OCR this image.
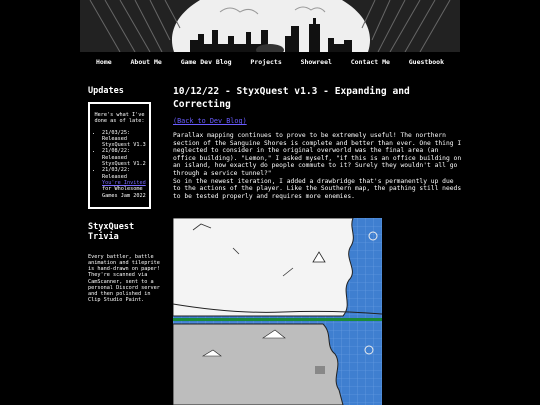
Home	About Me	Game Dev Blog	Projects	Showreel	Contact Me	Guestbook
Updates

Here's what I've done as of late:

• 21/03/25: Released StyxQuest V1.3
• 21/08/22: Released StyxQuest V1.2
• 21/03/22: Released You're Invited for Wholesome Games Jam 2022
StyxQuest Trivia

Every battler, battle animation and tileprite is hand-drawn on paper! They're scanned via CamScanner, sent to a personal Discord server and then polished in Clip Studio Paint.

10/12/22 - StyxQuest v1.3 - Expanding and Correcting
(Back to Dev Blog)

Parallax mapping continues to prove to be extremely useful! The northern section of the Sanguine Shores is complete and better than ever. One thing I neglected to consider in the original overworld was the final area (an office building). "Lemon," I asked myself, "if this is an office building on an island, how exactly do people commute to it? Surely they wouldn't all go through a service tunnel?"

So in the newest iteration, I added a drawbridge that's permanently up due to the actions of the player. Like the Southern map, the pathing still needs to be tested properly and requires more enemies.
